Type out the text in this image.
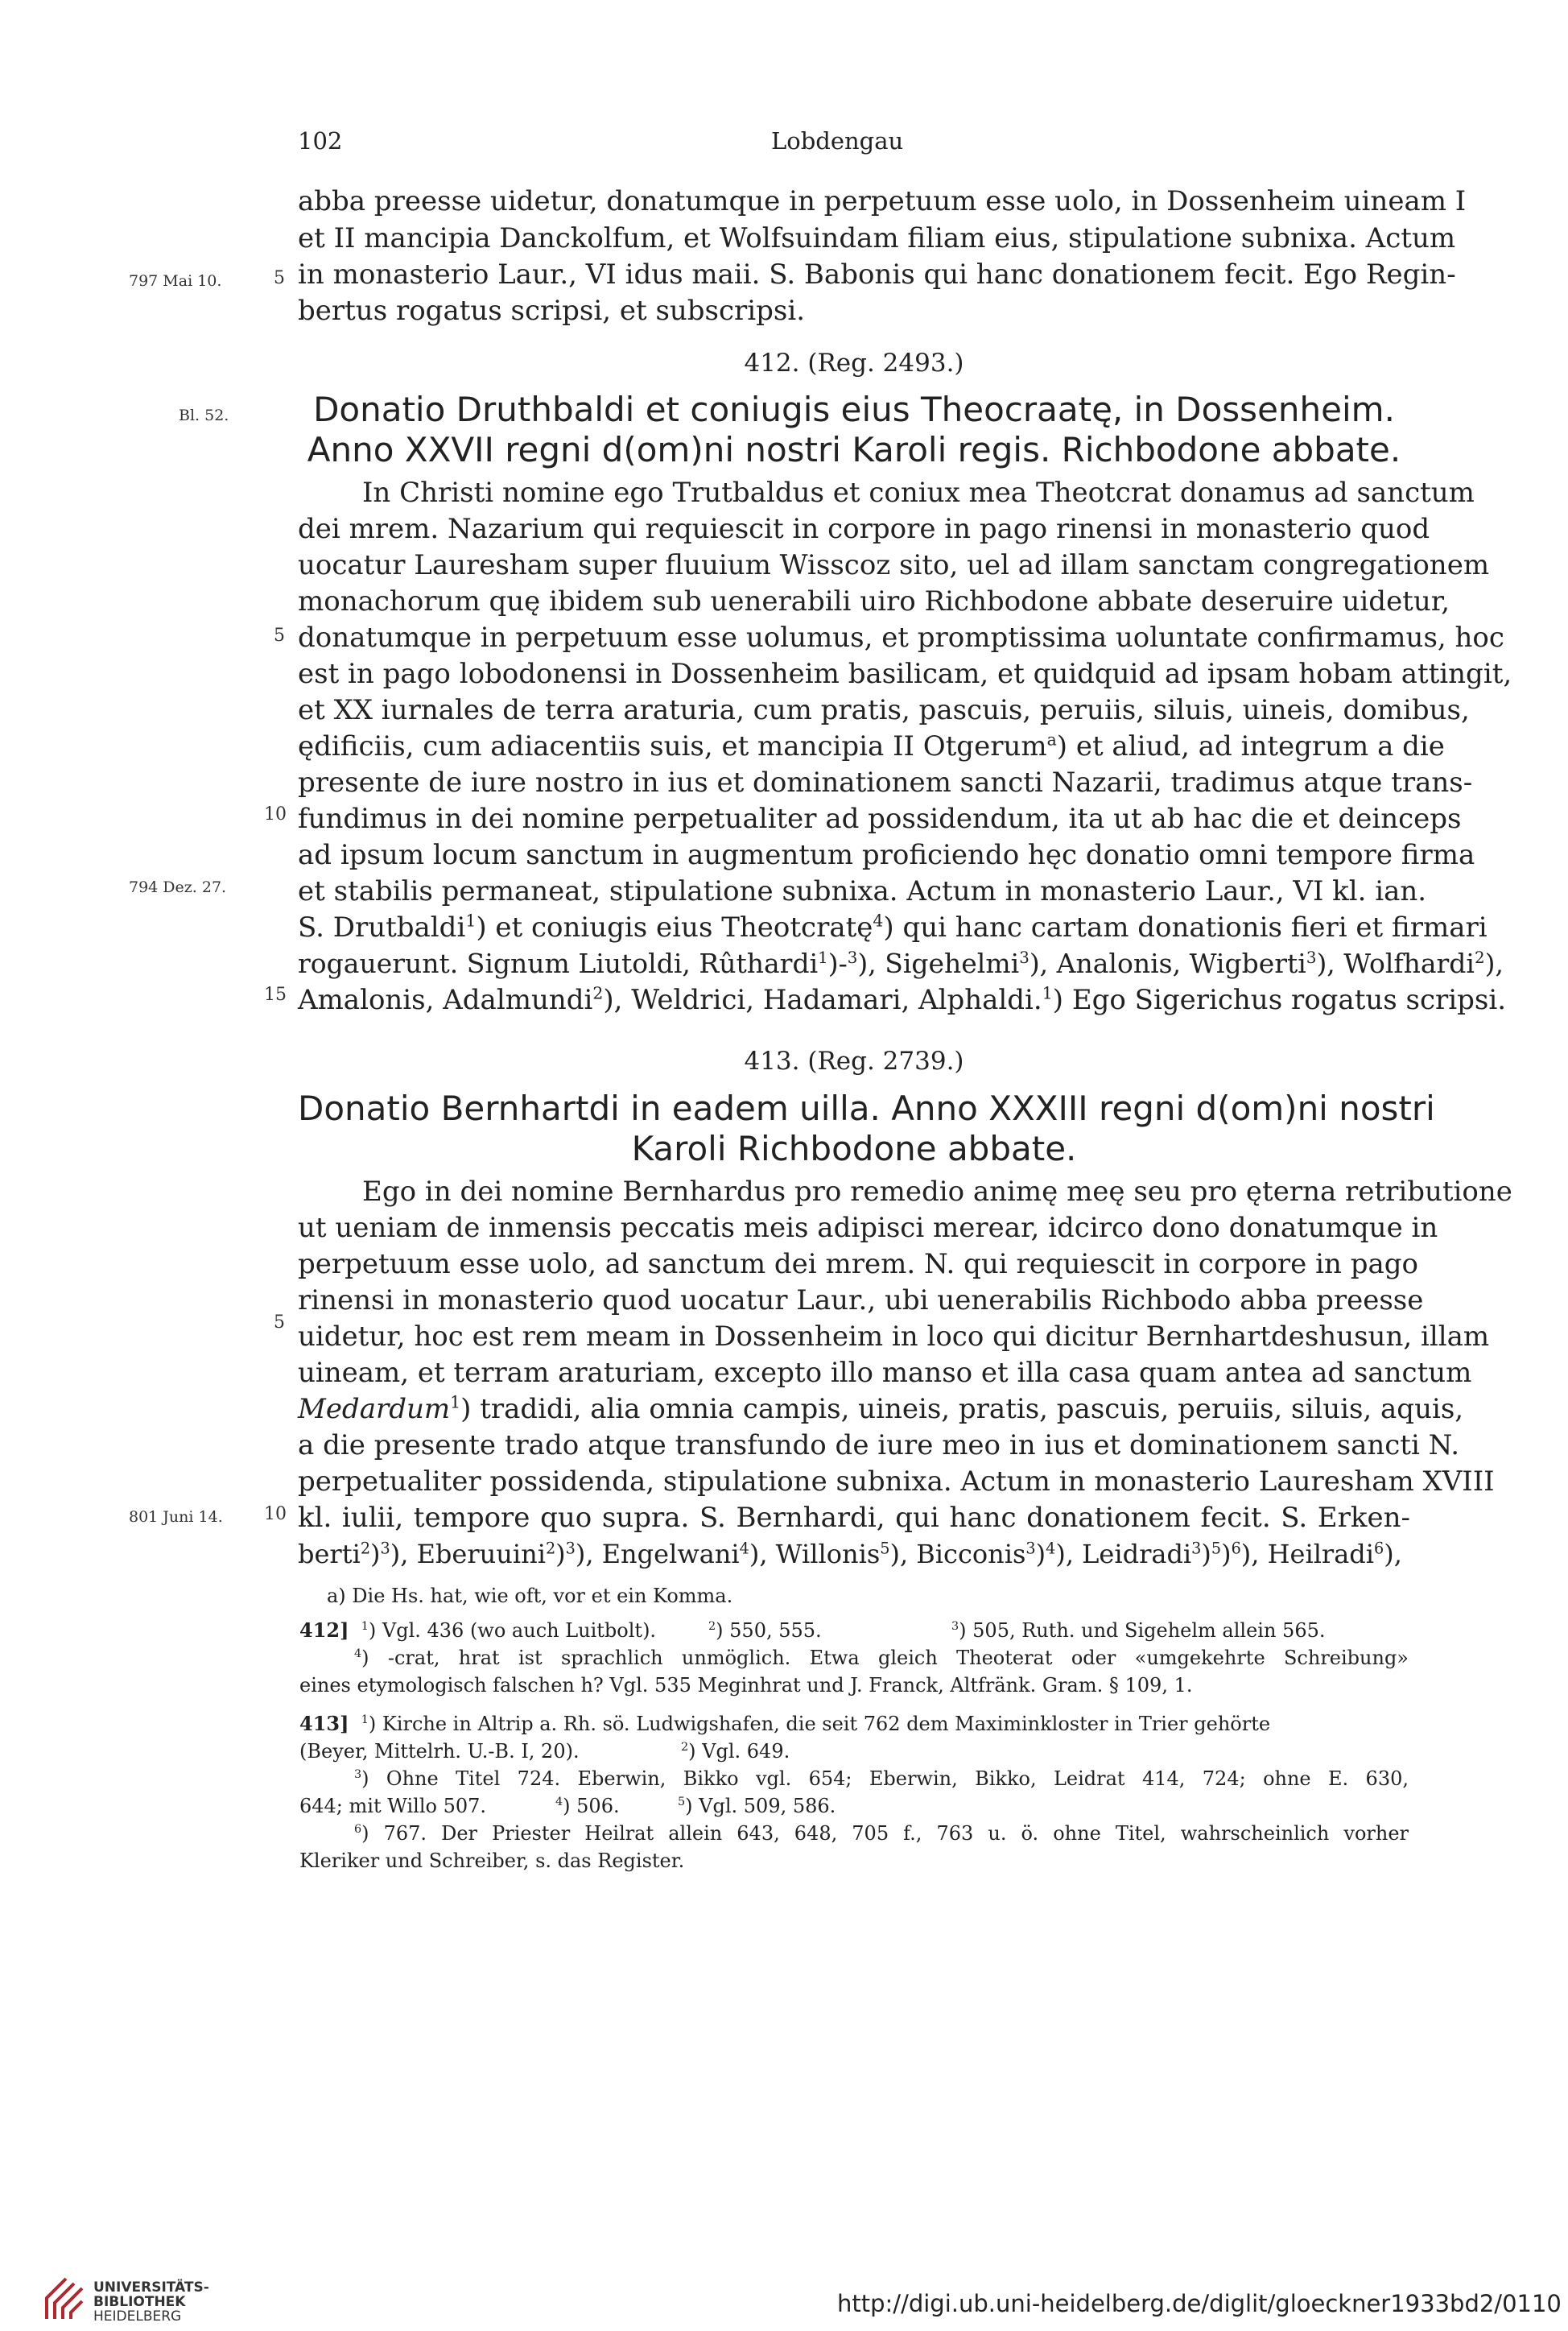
102	Lobdengau
797 Mai 10.
Bl. 52.
794 Dez. 27.
801 Juni 14.
5
5
10
15
5
10
abba preesse uidetur, donatumque in perpetuum esse uolo, in Dossenheim uineam I
et II mancipia Danckolfum, et Wolfsuindam filiam eius, stipulatione subnixa. Actum
in monasterio Laur., VI idus maii. S. Babonis qui hanc donationem fecit. Ego Regin-
bertus rogatus scripsi, et subscripsi.
412. (Reg. 2493.)
Donatio Druthbaldi et coniugis eius Theocraatę, in Dossenheim.
Anno XXVII regni d(om)ni nostri Karoli regis. Richbodone abbate.
In Christi nomine ego Trutbaldus et coniux mea Theotcrat donamus ad sanctum
dei mrem. Nazarium qui requiescit in corpore in pago rinensi in monasterio quod
uocatur Lauresham super fluuium Wisscoz sito, uel ad illam sanctam congregationem
monachorum quę ibidem sub uenerabili uiro Richbodone abbate deseruire uidetur,
donatumque in perpetuum esse uolumus, et promptissima uoluntate confirmamus, hoc
est in pago lobodonensi in Dossenheim basilicam, et quidquid ad ipsam hobam attingit,
et XX iurnales de terra araturia, cum pratis, pascuis, peruiis, siluis, uineis, domibus,
ędificiis, cum adiacentiis suis, et mancipia II Otgerum$^a$) et aliud, ad integrum a die
presente de iure nostro in ius et dominationem sancti Nazarii, tradimus atque trans-
fundimus in dei nomine perpetualiter ad possidendum, ita ut ab hac die et deinceps
ad ipsum locum sanctum in augmentum proficiendo hęc donatio omni tempore firma
et stabilis permaneat, stipulatione subnixa. Actum in monasterio Laur., VI kl. ian.
S. Drutbaldi$^1$) et coniugis eius Theotcratę$^4$) qui hanc cartam donationis fieri et firmari
rogauerunt. Signum Liutoldi, Rûthardi$^1$)-$^3$), Sigehelmi$^3$), Analonis, Wigberti$^3$), Wolfhardi$^2$),
Amalonis, Adalmundi$^2$), Weldrici, Hadamari, Alphaldi.$^1$) Ego Sigerichus rogatus scripsi.
413. (Reg. 2739.)
Donatio Bernhartdi in eadem uilla. Anno XXXIII regni d(om)ni nostri
Karoli Richbodone abbate.
Ego in dei nomine Bernhardus pro remedio animę meę seu pro ęterna retributione
ut ueniam de inmensis peccatis meis adipisci merear, idcirco dono donatumque in
perpetuum esse uolo, ad sanctum dei mrem. N. qui requiescit in corpore in pago
rinensi in monasterio quod uocatur Laur., ubi uenerabilis Richbodo abba preesse
uidetur, hoc est rem meam in Dossenheim in loco qui dicitur Bernhartdeshusun, illam
uineam, et terram araturiam, excepto illo manso et illa casa quam antea ad sanctum
Medardum$^1$) tradidi, alia omnia campis, uineis, pratis, pascuis, peruiis, siluis, aquis,
a die presente trado atque transfundo de iure meo in ius et dominationem sancti N.
perpetualiter possidenda, stipulatione subnixa. Actum in monasterio Lauresham XVIII
kl. iulii, tempore quo supra. S. Bernhardi, qui hanc donationem fecit. S. Erken-
berti$^2$)$^3$), Eberuuini$^2$)$^3$), Engelwani$^4$), Willonis$^5$), Bicconis$^3$)$^4$), Leidradi$^3$)$^5$)$^6$), Heilradi$^6$),
a) Die Hs. hat, wie oft, vor et ein Komma.
412] $^1$) Vgl. 436 (wo auch Luitbolt).	$^2$) 550, 555.	$^3$) 505, Ruth. und Sigehelm allein 565.
$^4$) -crat, hrat ist sprachlich unmöglich. Etwa gleich Theoterat oder «umgekehrte Schreibung»
eines etymologisch falschen h? Vgl. 535 Meginhrat und J. Franck, Altfränk. Gram. § 109, 1.
413] $^1$) Kirche in Altrip a. Rh. sö. Ludwigshafen, die seit 762 dem Maximinkloster in Trier gehörte
(Beyer, Mittelrh. U.-B. I, 20).	$^2$) Vgl. 649.
$^3$) Ohne Titel 724. Eberwin, Bikko vgl. 654; Eberwin, Bikko, Leidrat 414, 724; ohne E. 630,
644; mit Willo 507.	$^4$) 506.	$^5$) Vgl. 509, 586.
$^6$) 767. Der Priester Heilrat allein 643, 648, 705 f., 763 u. ö. ohne Titel, wahrscheinlich vorher
Kleriker und Schreiber, s. das Register.
UNIVERSITÄTS-
BIBLIOTHEK
HEIDELBERG	http://digi.ub.uni-heidelberg.de/diglit/gloeckner1933bd2/0110
